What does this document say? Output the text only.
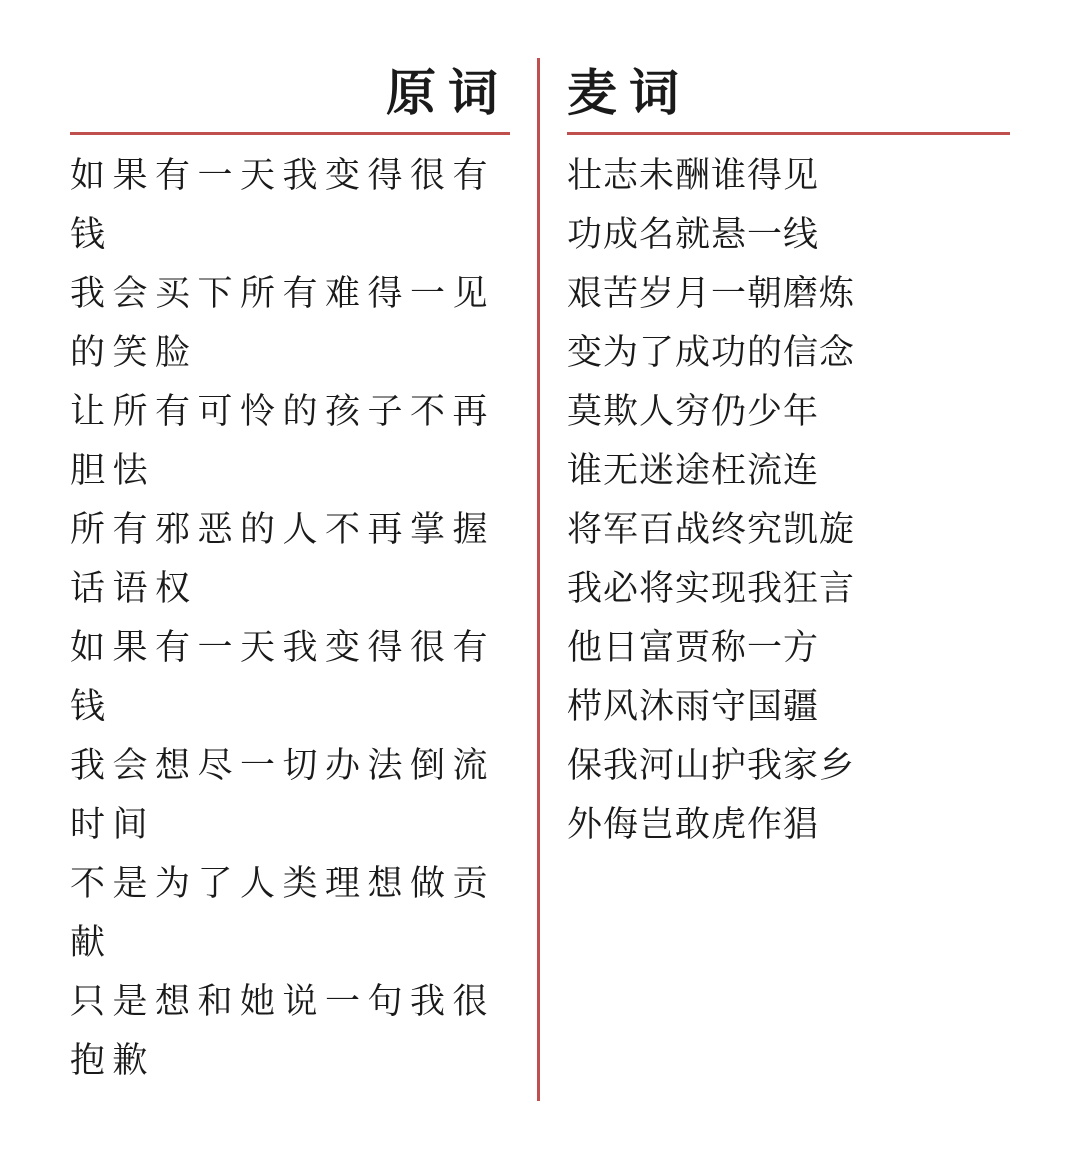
原词
如果有一天我变得很有钱
我会买下所有难得一见的笑脸
让所有可怜的孩子不再胆怯
所有邪恶的人不再掌握话语权
如果有一天我变得很有钱
我会想尽一切办法倒流时间
不是为了人类理想做贡献
只是想和她说一句我很抱歉
麦词
壮志未酬谁得见
功成名就悬一线
艰苦岁月一朝磨炼
变为了成功的信念
莫欺人穷仍少年
谁无迷途枉流连
将军百战终究凯旋
我必将实现我狂言
他日富贾称一方
栉风沐雨守国疆
保我河山护我家乡
外侮岂敢虎作猖
